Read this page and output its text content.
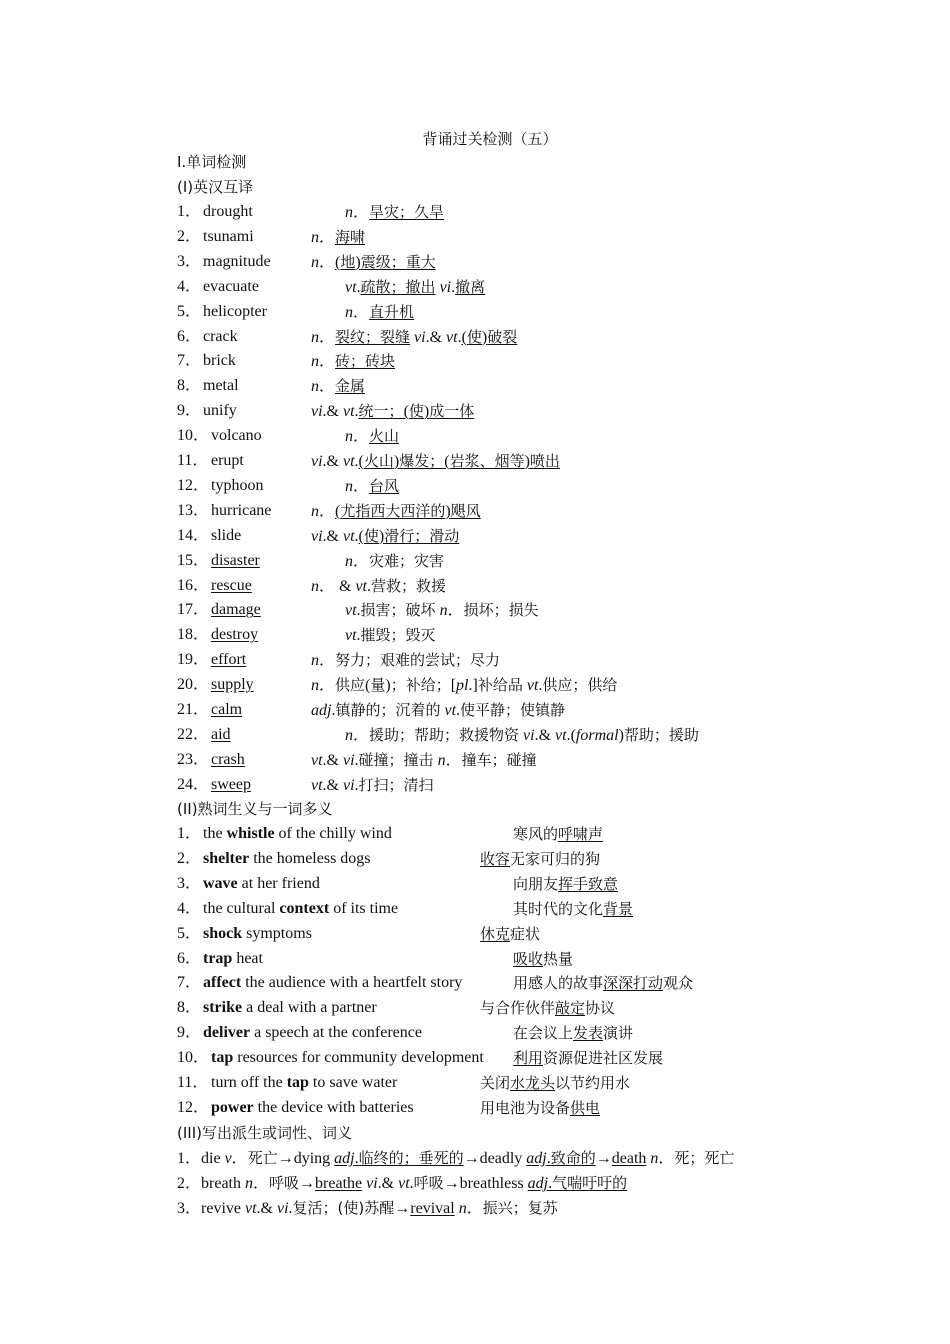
背诵过关检测（五）
I.单词检测
(I)英汉互译
1． drought	n．旱灾；久旱
2． tsunami	n．海啸
3． magnitude	n．(地)震级；重大
4． evacuate	vt.疏散；撤出 vi.撤离
5． helicopter	n．直升机
6． crack	n．裂纹；裂缝 vi.& vt.(使)破裂
7． brick	n．砖；砖块
8． metal	n．金属
9． unify	vi.& vt.统一；(使)成一体
10． volcano	n．火山
11． erupt	vi.& vt.(火山)爆发；(岩浆、烟等)喷出
12． typhoon	n．台风
13． hurricane n．(尤指西大西洋的)飓风
14． slide	vi.& vt.(使)滑行；滑动
15． disaster	n．灾难；灾害
16． rescue	n． & vt.营救；救援
17． damage	vt.损害；破坏 n．损坏；损失
18． destroy	vt.摧毁；毁灭
19． effort	n．努力；艰难的尝试；尽力
20． supply	n．供应(量)；补给；[pl.]补给品 vt.供应；供给
21． calm	adj.镇静的；沉着的 vt.使平静；使镇静
22． aid	n．援助；帮助；救援物资 vi.& vt.(formal)帮助；援助
23． crash	vt.& vi.碰撞；撞击 n．撞车；碰撞
24． sweep	vt.& vi.打扫；清扫
(II)熟词生义与一词多义
1． the whistle of the chilly wind	寒风的呼啸声
2． shelter the homeless dogs	收容无家可归的狗
3． wave at her friend	向朋友挥手致意
4． the cultural context of its time	其时代的文化背景
5． shock symptoms	休克症状
6． trap heat	吸收热量
7． affect the audience with a heartfelt story	用感人的故事深深打动观众
8． strike a deal with a partner	与合作伙伴敲定协议
9． deliver a speech at the conference	在会议上发表演讲
10． tap resources for community development 利用资源促进社区发展
11． turn off the tap to save water	关闭水龙头以节约用水
12． power the device with batteries	用电池为设备供电
(III)写出派生或词性、词义
1．die v．死亡→dying adj.临终的；垂死的→deadly adj.致命的→death n．死；死亡
2．breath n．呼吸→breathe vi.& vt.呼吸→breathless adj.气喘吁吁的
3．revive vt.& vi.复活；(使)苏醒→revival n．振兴；复苏
